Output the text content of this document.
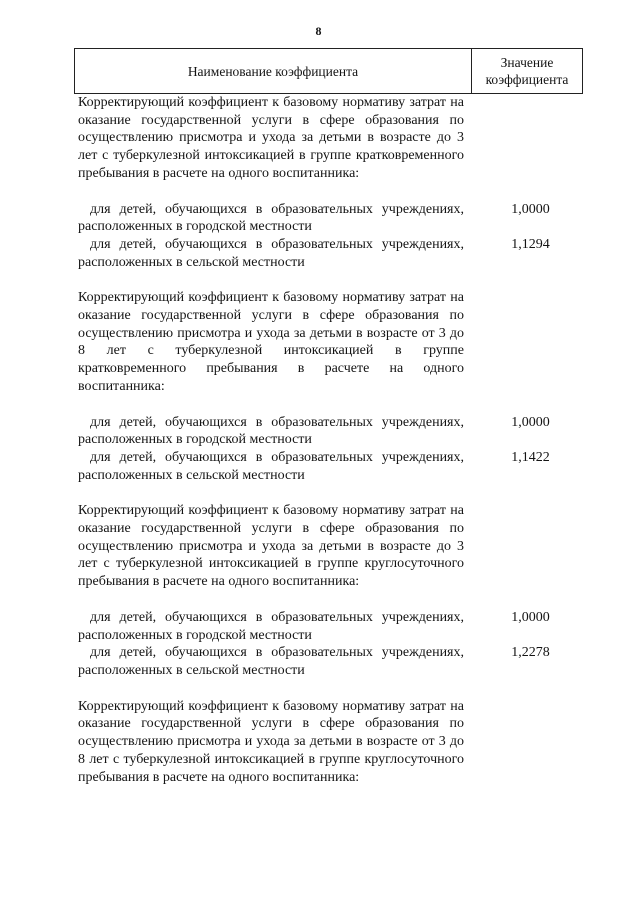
8
Наименование коэффициента
Значение
коэффициента
Корректирующий коэффициент к базовому нормативу затрат на оказание государственной услуги в сфере образования по осуществлению присмотра и ухода за детьми в возрасте до 3 лет с туберкулезной интоксикацией в группе кратковременного пребывания в расчете на одного воспитанника:
для детей, обучающихся в образовательных учреждениях, расположенных в городской местности
1,0000
для детей, обучающихся в образовательных учреждениях, расположенных в сельской местности
1,1294
Корректирующий коэффициент к базовому нормативу затрат на оказание государственной услуги в сфере образования по осуществлению присмотра и ухода за детьми в возрасте от 3 до 8 лет с туберкулезной интоксикацией в группе кратковременного пребывания в расчете на одного воспитанника:
для детей, обучающихся в образовательных учреждениях, расположенных в городской местности
1,0000
для детей, обучающихся в образовательных учреждениях, расположенных в сельской местности
1,1422
Корректирующий коэффициент к базовому нормативу затрат на оказание государственной услуги в сфере образования по осуществлению присмотра и ухода за детьми в возрасте до 3 лет с туберкулезной интоксикацией в группе круглосуточного пребывания в расчете на одного воспитанника:
для детей, обучающихся в образовательных учреждениях, расположенных в городской местности
1,0000
для детей, обучающихся в образовательных учреждениях, расположенных в сельской местности
1,2278
Корректирующий коэффициент к базовому нормативу затрат на оказание государственной услуги в сфере образования по осуществлению присмотра и ухода за детьми в возрасте от 3 до 8 лет с туберкулезной интоксикацией в группе круглосуточного пребывания в расчете на одного воспитанника:
